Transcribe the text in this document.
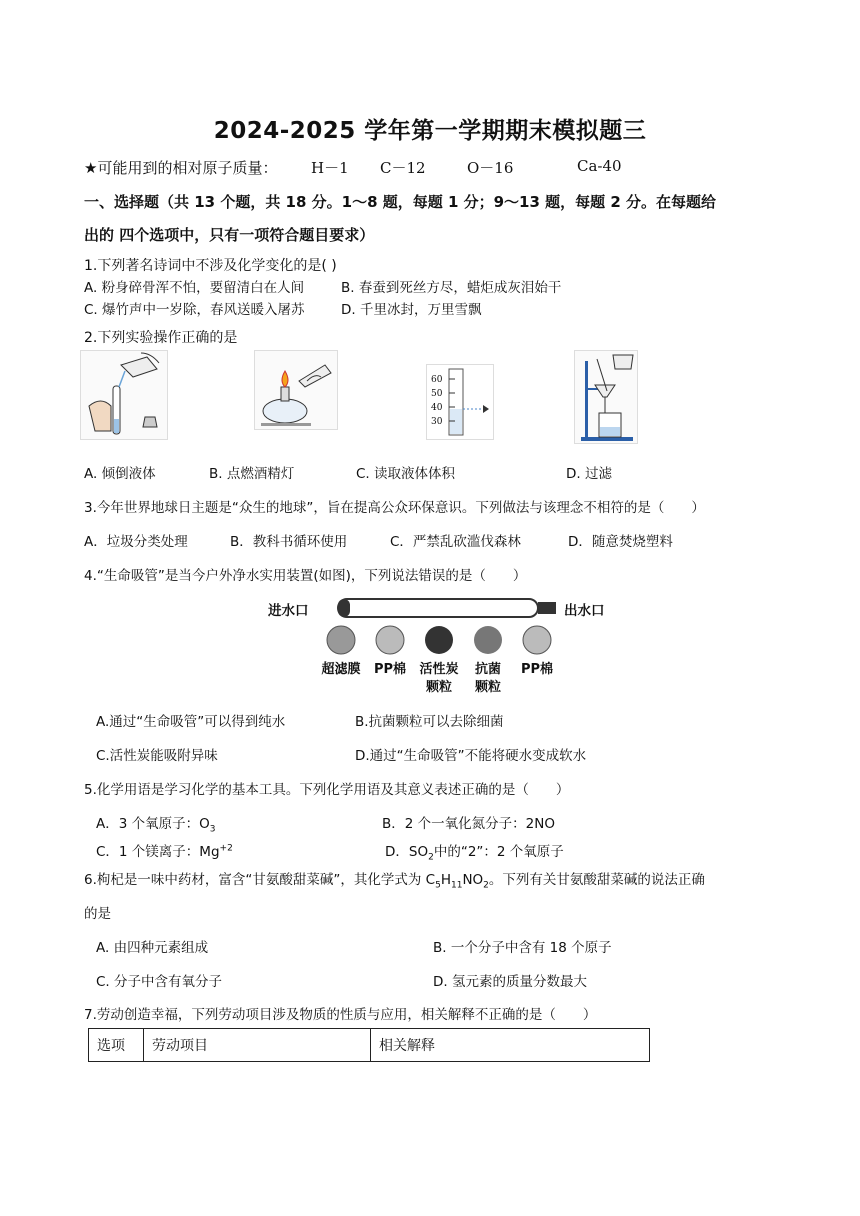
2024-2025 学年第一学期期末模拟题三
★可能用到的相对原子质量： H－1 C－12	O－16	Ca-40
一、选择题（共 13 个题，共 18 分。1～8 题，每题 1 分；9～13 题，每题 2 分。在每题给
出的 四个选项中，只有一项符合题目要求）
1.下列著名诗词中不涉及化学变化的是( )
A. 粉身碎骨浑不怕，要留清白在人间	B. 春蚕到死丝方尽，蜡炬成灰泪始干
C. 爆竹声中一岁除，春风送暖入屠苏	D. 千里冰封，万里雪飘
2.下列实验操作正确的是
60
50
40
30
A. 倾倒液体	B. 点燃酒精灯	C. 读取液体体积	D. 过滤
3.今年世界地球日主题是“众生的地球”，旨在提高公众环保意识。下列做法与该理念不相符的是（　　）
A．垃圾分类处理	B．教科书循环使用	C．严禁乱砍滥伐森林	D．随意焚烧塑料
4.“生命吸管”是当今户外净水实用装置(如图)，下列说法错误的是（　　）
进水口	出水口
超滤膜	PP棉	活性炭	抗菌	PP棉
颗粒	颗粒
A.通过“生命吸管”可以得到纯水	B.抗菌颗粒可以去除细菌
C.活性炭能吸附异味	D.通过“生命吸管”不能将硬水变成软水
5.化学用语是学习化学的基本工具。下列化学用语及其意义表述正确的是（　　）
A．3 个氧原子：$O_3$	B．2 个一氧化氮分子：2NO
C．1 个镁离子：$Mg^{+2}$	D．$SO_2$中的“2”：2 个氧原子
6.枸杞是一味中药材，富含“甘氨酸甜菜碱”，其化学式为 $C_5H_{11}NO_2$。下列有关甘氨酸甜菜碱的说法正确
的是
A. 由四种元素组成	B. 一个分子中含有 18 个原子
C. 分子中含有氧分子	D. 氢元素的质量分数最大
7.劳动创造幸福，下列劳动项目涉及物质的性质与应用，相关解释不正确的是（　　）
选项	劳动项目	相关解释
